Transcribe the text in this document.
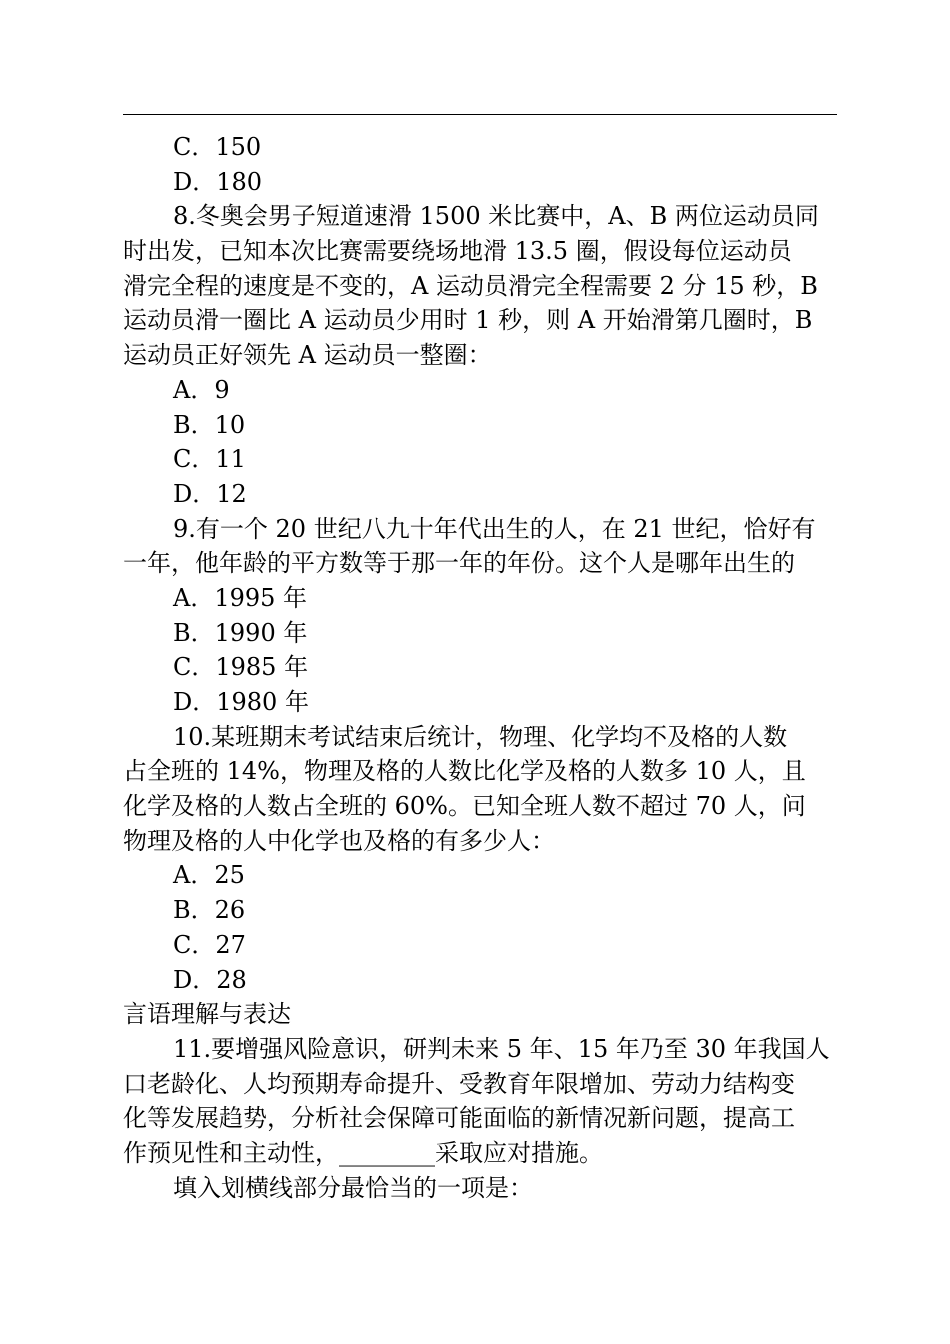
C．150
D．180
8.冬奥会男子短道速滑 1500 米比赛中，A、B 两位运动员同
时出发，已知本次比赛需要绕场地滑 13.5 圈，假设每位运动员
滑完全程的速度是不变的，A 运动员滑完全程需要 2 分 15 秒，B
运动员滑一圈比 A 运动员少用时 1 秒，则 A 开始滑第几圈时，B
运动员正好领先 A 运动员一整圈：
A．9
B．10
C．11
D．12
9.有一个 20 世纪八九十年代出生的人，在 21 世纪，恰好有
一年，他年龄的平方数等于那一年的年份。这个人是哪年出生的
A．1995 年
B．1990 年
C．1985 年
D．1980 年
10.某班期末考试结束后统计，物理、化学均不及格的人数
占全班的 14%，物理及格的人数比化学及格的人数多 10 人，且
化学及格的人数占全班的 60%。已知全班人数不超过 70 人，问
物理及格的人中化学也及格的有多少人：
A．25
B．26
C．27
D．28
言语理解与表达
11.要增强风险意识，研判未来 5 年、15 年乃至 30 年我国人
口老龄化、人均预期寿命提升、受教育年限增加、劳动力结构变
化等发展趋势，分析社会保障可能面临的新情况新问题，提高工
作预见性和主动性，________采取应对措施。
填入划横线部分最恰当的一项是：
